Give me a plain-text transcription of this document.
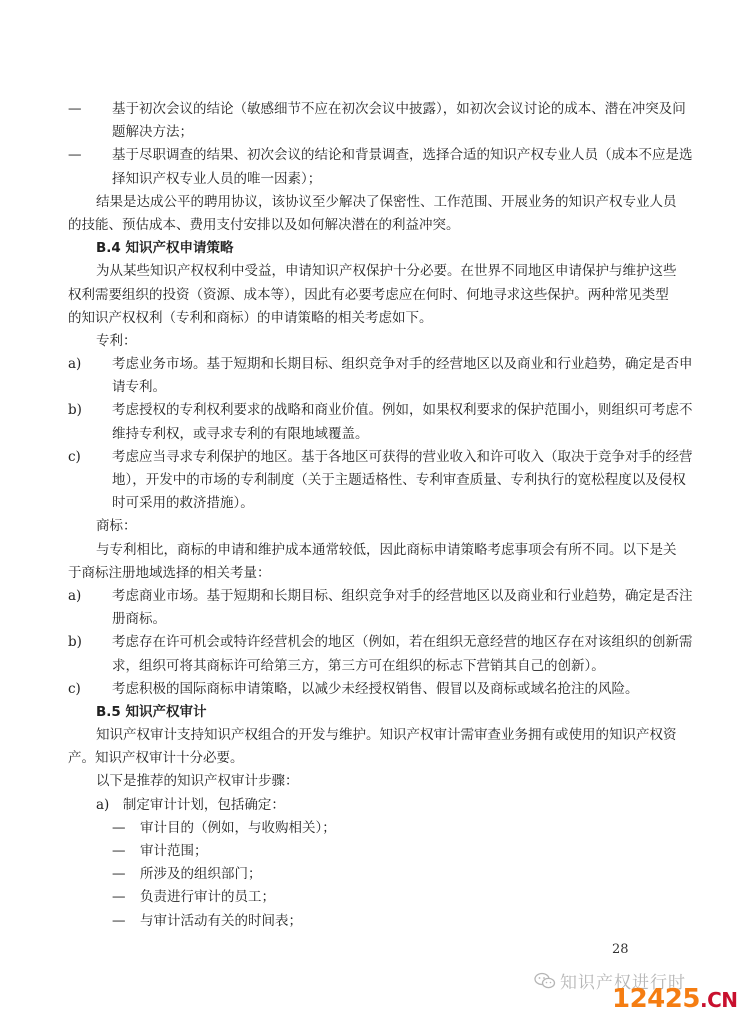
—	基于初次会议的结论（敏感细节不应在初次会议中披露），如初次会议讨论的成本、潜在冲突及问
题解决方法；
—	基于尽职调查的结果、初次会议的结论和背景调查，选择合适的知识产权专业人员（成本不应是选
择知识产权专业人员的唯一因素）；
结果是达成公平的聘用协议，该协议至少解决了保密性、工作范围、开展业务的知识产权专业人员
的技能、预估成本、费用支付安排以及如何解决潜在的利益冲突。
B.4 知识产权申请策略
为从某些知识产权权利中受益，申请知识产权保护十分必要。在世界不同地区申请保护与维护这些
权利需要组织的投资（资源、成本等），因此有必要考虑应在何时、何地寻求这些保护。两种常见类型
的知识产权权利（专利和商标）的申请策略的相关考虑如下。
专利：
a)	考虑业务市场。基于短期和长期目标、组织竞争对手的经营地区以及商业和行业趋势，确定是否申
请专利。
b)	考虑授权的专利权利要求的战略和商业价值。例如，如果权利要求的保护范围小，则组织可考虑不
维持专利权，或寻求专利的有限地域覆盖。
c)	考虑应当寻求专利保护的地区。基于各地区可获得的营业收入和许可收入（取决于竞争对手的经营
地），开发中的市场的专利制度（关于主题适格性、专利审查质量、专利执行的宽松程度以及侵权
时可采用的救济措施）。
商标：
与专利相比，商标的申请和维护成本通常较低，因此商标申请策略考虑事项会有所不同。以下是关
于商标注册地域选择的相关考量：
a)	考虑商业市场。基于短期和长期目标、组织竞争对手的经营地区以及商业和行业趋势，确定是否注
册商标。
b)	考虑存在许可机会或特许经营机会的地区（例如，若在组织无意经营的地区存在对该组织的创新需
求，组织可将其商标许可给第三方，第三方可在组织的标志下营销其自己的创新）。
c)	考虑积极的国际商标申请策略，以减少未经授权销售、假冒以及商标或域名抢注的风险。
B.5 知识产权审计
知识产权审计支持知识产权组合的开发与维护。知识产权审计需审查业务拥有或使用的知识产权资
产。知识产权审计十分必要。
以下是推荐的知识产权审计步骤：
a)　制定审计计划，包括确定：
—	审计目的（例如，与收购相关）；
—	审计范围；
—	所涉及的组织部门；
—	负责进行审计的员工；
—	与审计活动有关的时间表；
28
知识产权进行时
12425.CN
